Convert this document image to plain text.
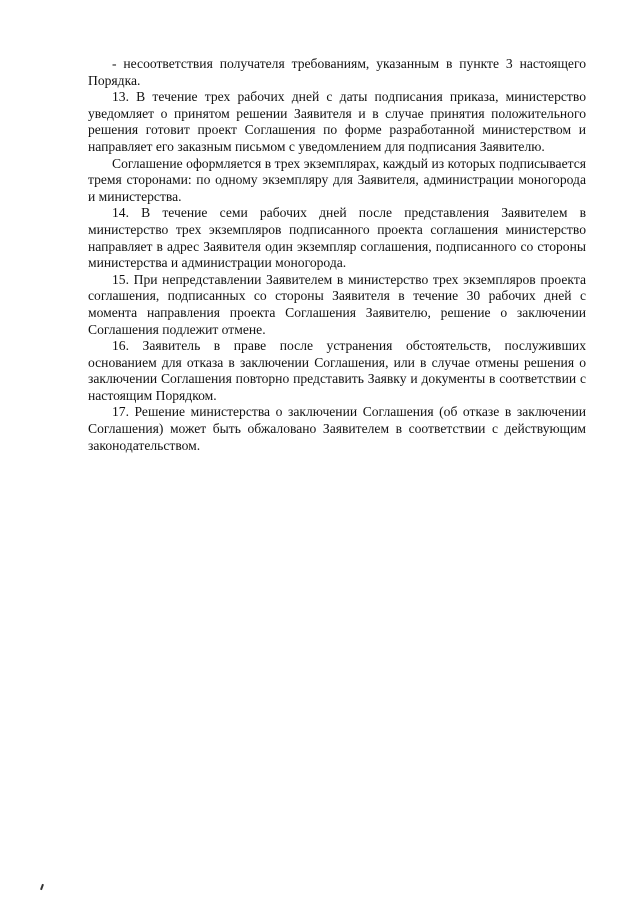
- несоответствия получателя требованиям, указанным в пункте 3 настоящего Порядка.

13. В течение трех рабочих дней с даты подписания приказа, министерство уведомляет о принятом решении Заявителя и в случае принятия положительного решения готовит проект Соглашения по форме разработанной министерством и направляет его заказным письмом с уведомлением для подписания Заявителю.

Соглашение оформляется в трех экземплярах, каждый из которых подписывается тремя сторонами: по одному экземпляру для Заявителя, администрации моногорода и министерства.

14. В течение семи рабочих дней после представления Заявителем в министерство трех экземпляров подписанного проекта соглашения министерство направляет в адрес Заявителя один экземпляр соглашения, подписанного со стороны министерства и администрации моногорода.

15. При непредставлении Заявителем в министерство трех экземпляров проекта соглашения, подписанных со стороны Заявителя в течение 30 рабочих дней с момента направления проекта Соглашения Заявителю, решение о заключении Соглашения подлежит отмене.

16. Заявитель в праве после устранения обстоятельств, послуживших основанием для отказа в заключении Соглашения, или в случае отмены решения о заключении Соглашения повторно представить Заявку и документы в соответствии с настоящим Порядком.

17. Решение министерства о заключении Соглашения (об отказе в заключении Соглашения) может быть обжаловано Заявителем в соответствии с действующим законодательством.
